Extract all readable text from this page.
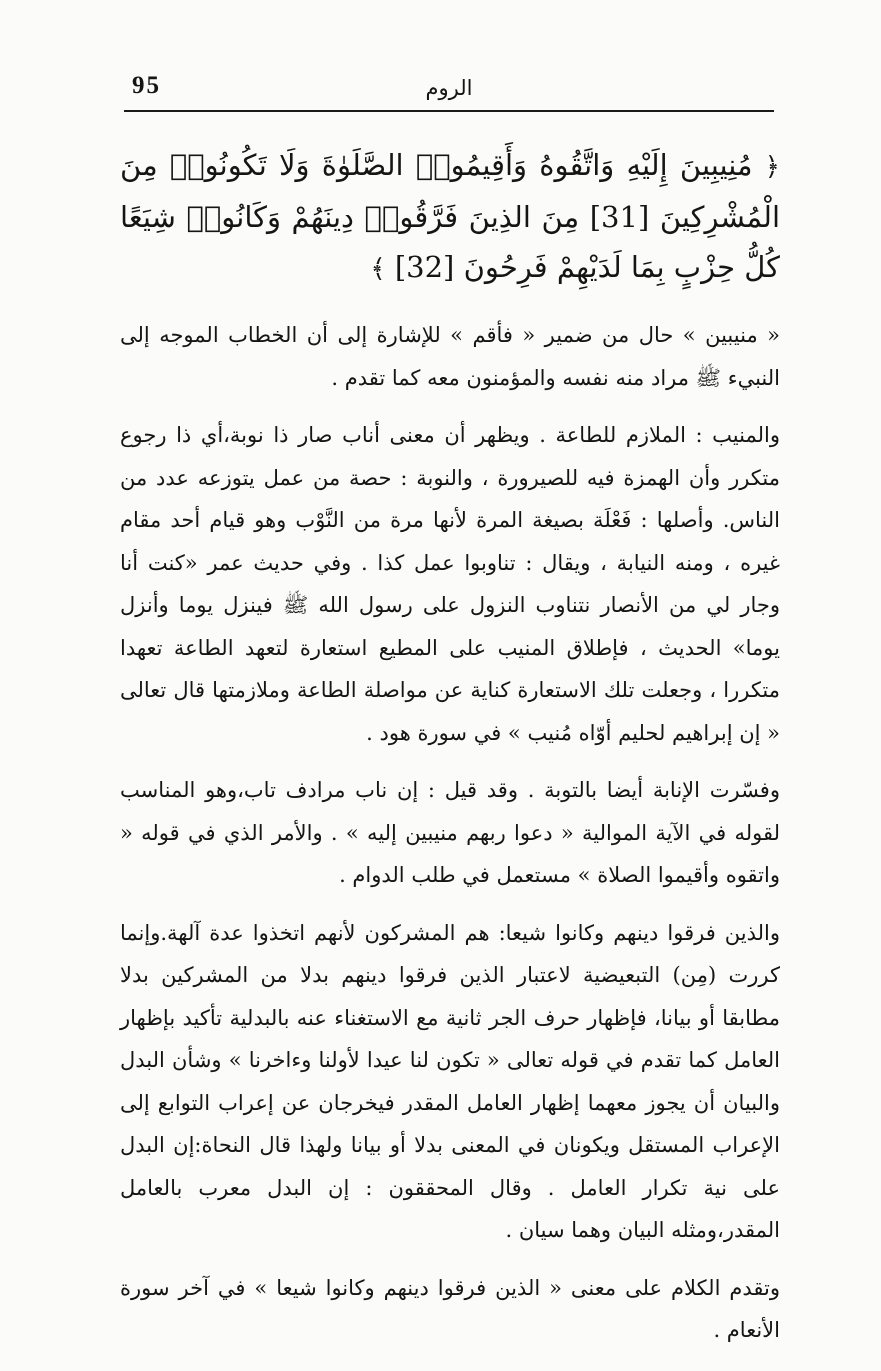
95	الروم
﴿ مُنِيبِينَ إِلَيْهِ وَاتَّقُوهُ وَأَقِيمُوا۟ الصَّلَوٰةَ وَلَا تَكُونُوا۟ مِنَ الْمُشْرِكِينَ [31] مِنَ الذِينَ فَرَّقُوا۟ دِينَهُمْ وَكَانُوا۟ شِيَعًا كُلُّ حِزْبٍ بِمَا لَدَيْهِمْ فَرِحُونَ [32] ﴾

« منيبين » حال من ضمير « فأقم » للإشارة إلى أن الخطاب الموجه إلى النبيء ﷺ مراد منه نفسه والمؤمنون معه كما تقدم .

والمنيب : الملازم للطاعة . ويظهر أن معنى أناب صار ذا نوبة،أي ذا رجوع متكرر وأن الهمزة فيه للصيرورة ، والنوبة : حصة من عمل يتوزعه عدد من الناس. وأصلها : فَعْلَة بصيغة المرة لأنها مرة من النَّوْب وهو قيام أحد مقام غيره ، ومنه النيابة ، ويقال : تناوبوا عمل كذا . وفي حديث عمر «كنت أنا وجار لي من الأنصار نتناوب النزول على رسول الله ﷺ فينزل يوما وأنزل يوما» الحديث ، فإطلاق المنيب على المطيع استعارة لتعهد الطاعة تعهدا متكررا ، وجعلت تلك الاستعارة كناية عن مواصلة الطاعة وملازمتها قال تعالى « إن إبراهيم لحليم أوّاه مُنيب » في سورة هود .

وفسّرت الإنابة أيضا بالتوبة . وقد قيل : إن ناب مرادف تاب،وهو المناسب لقوله في الآية الموالية « دعوا ربهم منيبين إليه » . والأمر الذي في قوله « واتقوه وأقيموا الصلاة » مستعمل في طلب الدوام .

والذين فرقوا دينهم وكانوا شيعا: هم المشركون لأنهم اتخذوا عدة آلهة.وإنما كررت (مِن) التبعيضية لاعتبار الذين فرقوا دينهم بدلا من المشركين بدلا مطابقا أو بيانا، فإظهار حرف الجر ثانية مع الاستغناء عنه بالبدلية تأكيد بإظهار العامل كما تقدم في قوله تعالى « تكون لنا عيدا لأولنا وءاخرنا » وشأن البدل والبيان أن يجوز معهما إظهار العامل المقدر فيخرجان عن إعراب التوابع إلى الإعراب المستقل ويكونان في المعنى بدلا أو بيانا ولهذا قال النحاة:إن البدل على نية تكرار العامل . وقال المحققون : إن البدل معرب بالعامل المقدر،ومثله البيان وهما سيان .

وتقدم الكلام على معنى « الذين فرقوا دينهم وكانوا شيعا » في آخر سورة الأنعام .
